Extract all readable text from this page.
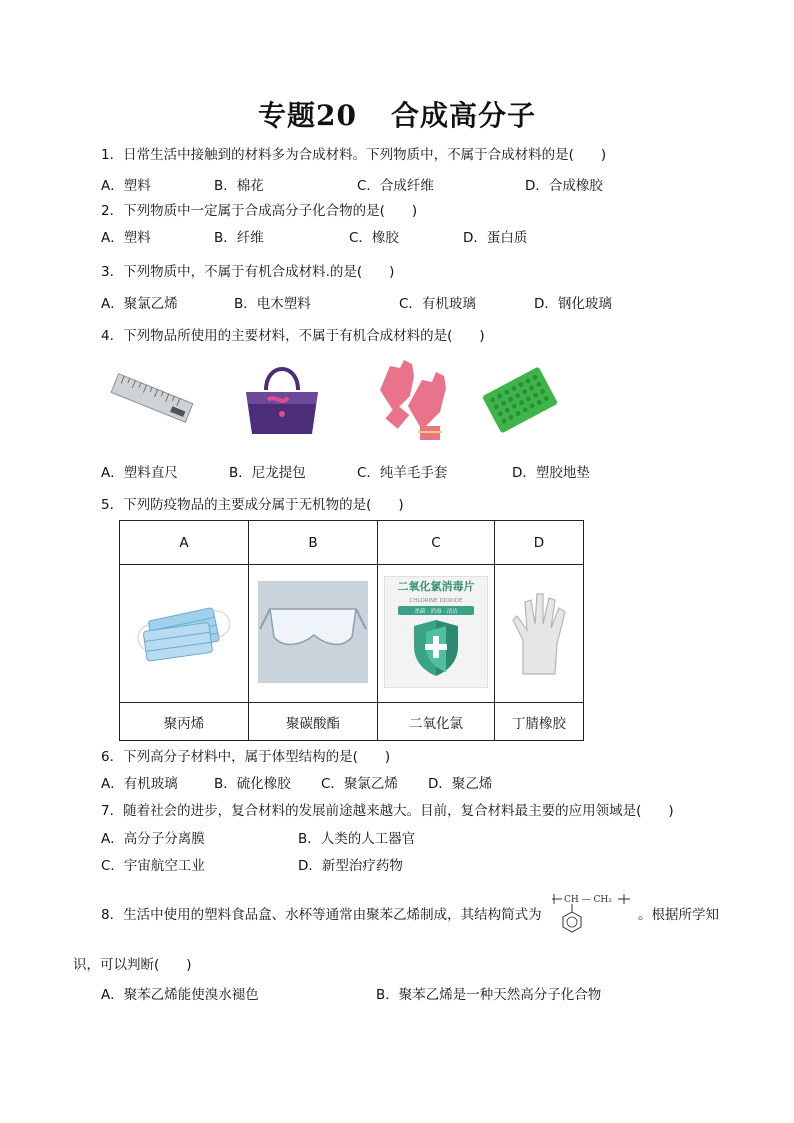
专题20 合成高分子
1．日常生活中接触到的材料多为合成材料。下列物质中，不属于合成材料的是(　　)
A．塑料	B．棉花	C．合成纤维	D．合成橡胶
2．下列物质中一定属于合成高分子化合物的是(　　)
A．塑料	B．纤维	C．橡胶	D．蛋白质
3．下列物质中，不属于有机合成材料.的是(　　)
A．聚氯乙烯	B．电木塑料	C．有机玻璃	D．钢化玻璃
4．下列物品所使用的主要材料，不属于有机合成材料的是(　　)
A．塑料直尺	B．尼龙提包	C．纯羊毛手套	D．塑胶地垫
5．下列防疫物品的主要成分属于无机物的是(　　)
A	B	C	D

二氧化氯消毒片
CHLORINE DIOXIDE
杀菌 · 消毒 · 清洁

聚丙烯	聚碳酸酯	二氧化氯	丁腈橡胶
6．下列高分子材料中，属于体型结构的是(　　)
A．有机玻璃	B．硫化橡胶 C．聚氯乙烯 D．聚乙烯
7．随着社会的进步，复合材料的发展前途越来越大。目前，复合材料最主要的应用领域是(　　)
A．高分子分离膜	B．人类的人工器官
C．宇宙航空工业	D．新型治疗药物
8．生活中使用的塑料食品盒、水杯等通常由聚苯乙烯制成，其结构简式为
CH — CH₂
。根据所学知
识，可以判断(　　)
A．聚苯乙烯能使溴水褪色	B．聚苯乙烯是一种天然高分子化合物
